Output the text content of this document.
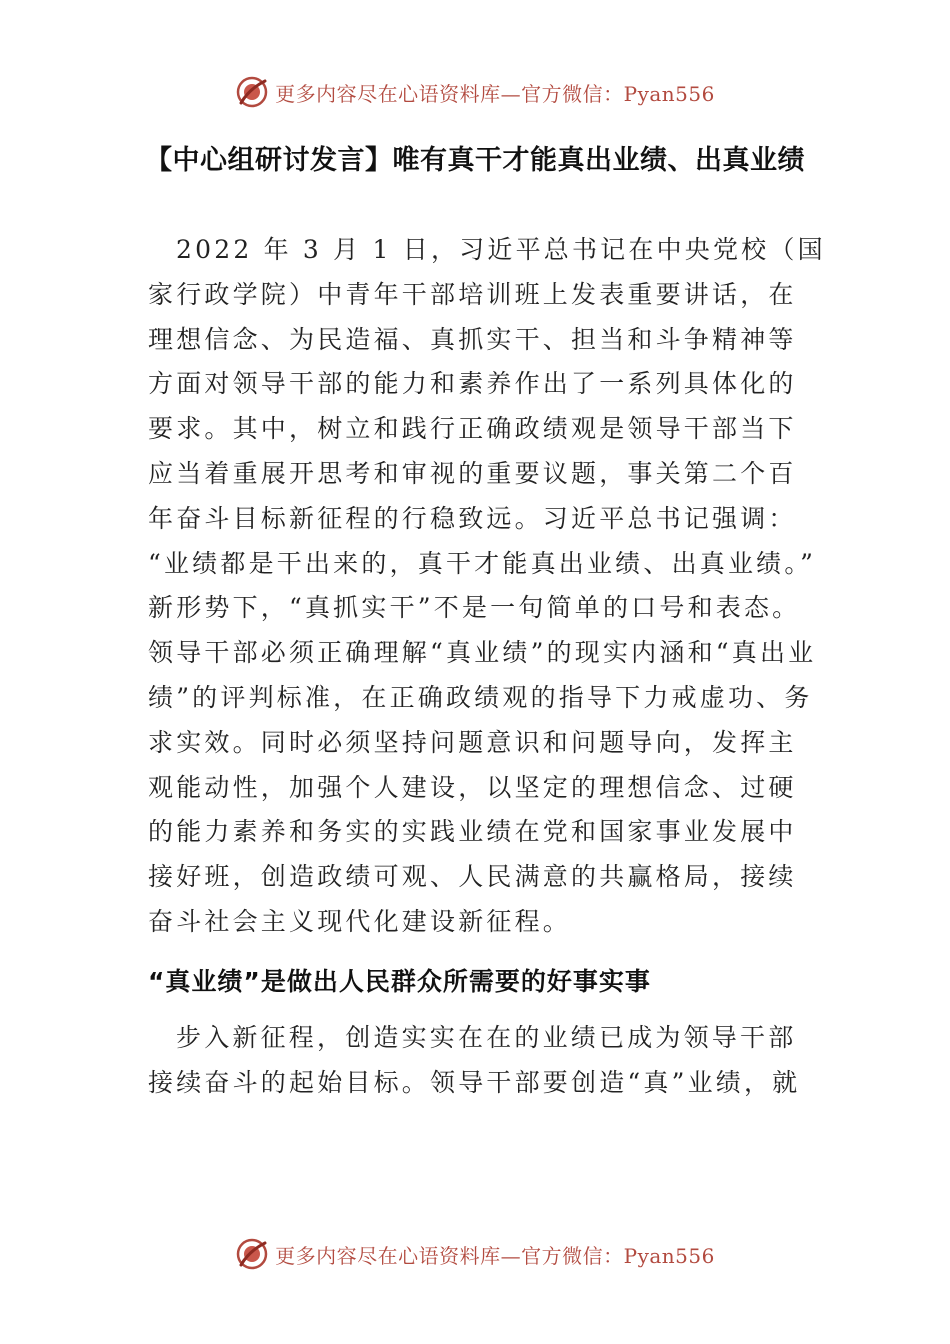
更多内容尽在心语资料库—官方微信：Pyan556
【中心组研讨发言】唯有真干才能真出业绩、出真业绩
2022 年 3 月 1 日，习近平总书记在中央党校（国
家行政学院）中青年干部培训班上发表重要讲话，在
理想信念、为民造福、真抓实干、担当和斗争精神等
方面对领导干部的能力和素养作出了一系列具体化的
要求。其中，树立和践行正确政绩观是领导干部当下
应当着重展开思考和审视的重要议题，事关第二个百
年奋斗目标新征程的行稳致远。习近平总书记强调：
“业绩都是干出来的，真干才能真出业绩、出真业绩。”
新形势下，“真抓实干”不是一句简单的口号和表态。
领导干部必须正确理解“真业绩”的现实内涵和“真出业
绩”的评判标准，在正确政绩观的指导下力戒虚功、务
求实效。同时必须坚持问题意识和问题导向，发挥主
观能动性，加强个人建设，以坚定的理想信念、过硬
的能力素养和务实的实践业绩在党和国家事业发展中
接好班，创造政绩可观、人民满意的共赢格局，接续
奋斗社会主义现代化建设新征程。
“真业绩”是做出人民群众所需要的好事实事
步入新征程，创造实实在在的业绩已成为领导干部
接续奋斗的起始目标。领导干部要创造“真”业绩，就
更多内容尽在心语资料库—官方微信：Pyan556
